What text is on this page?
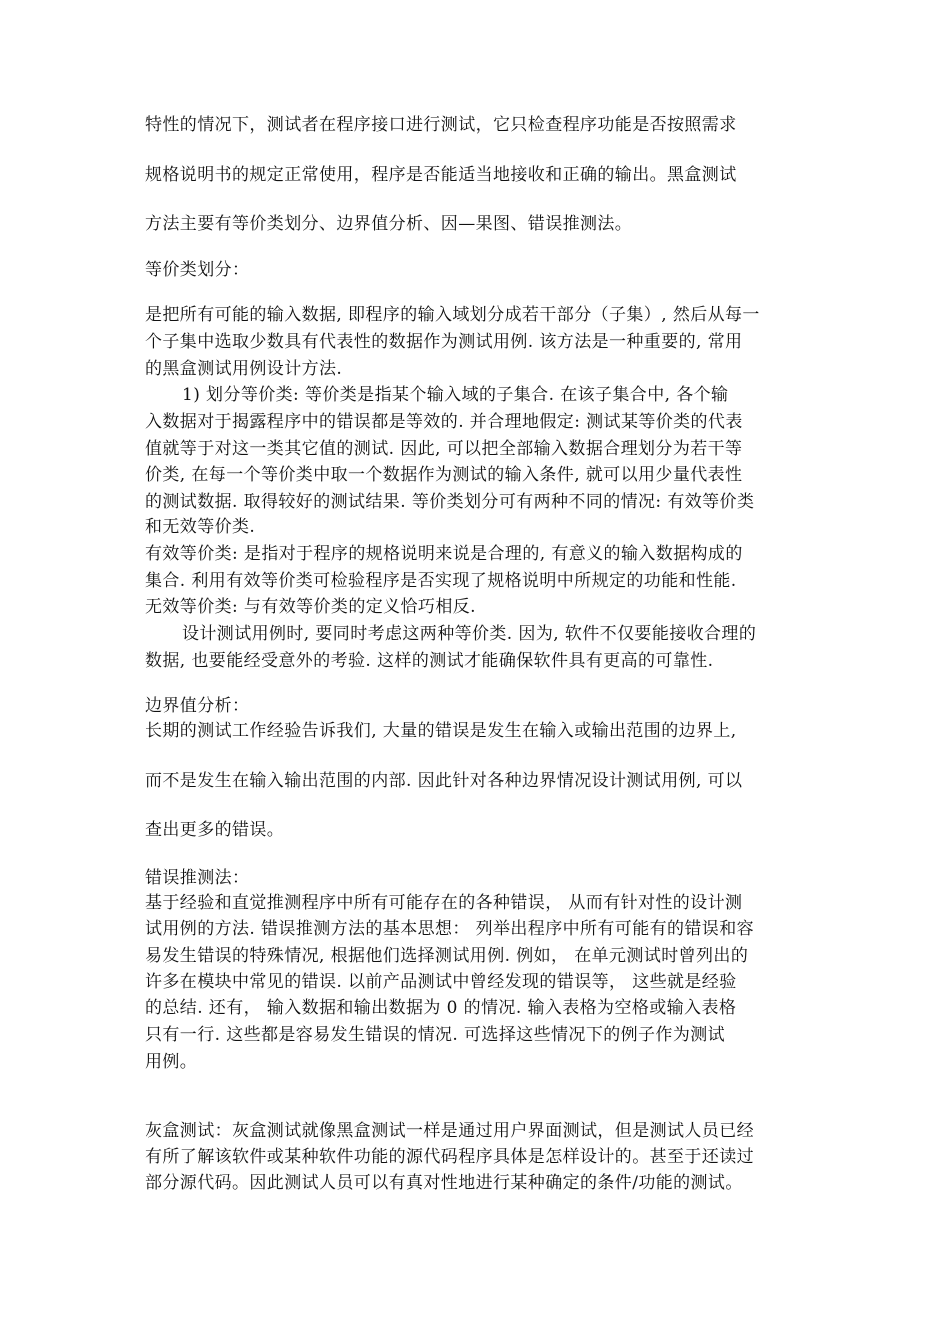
特性的情况下，测试者在程序接口进行测试，它只检查程序功能是否按照需求
规格说明书的规定正常使用，程序是否能适当地接收和正确的输出。黑盒测试
方法主要有等价类划分、边界值分析、因—果图、错误推测法。
等价类划分：
是把所有可能的输入数据, 即程序的输入域划分成若干部分（子集）, 然后从每一
个子集中选取少数具有代表性的数据作为测试用例. 该方法是一种重要的, 常用
的黑盒测试用例设计方法.
1) 划分等价类: 等价类是指某个输入域的子集合. 在该子集合中, 各个输
入数据对于揭露程序中的错误都是等效的. 并合理地假定: 测试某等价类的代表
值就等于对这一类其它值的测试. 因此, 可以把全部输入数据合理划分为若干等
价类, 在每一个等价类中取一个数据作为测试的输入条件, 就可以用少量代表性
的测试数据. 取得较好的测试结果. 等价类划分可有两种不同的情况: 有效等价类
和无效等价类.
有效等价类: 是指对于程序的规格说明来说是合理的, 有意义的输入数据构成的
集合. 利用有效等价类可检验程序是否实现了规格说明中所规定的功能和性能.
无效等价类: 与有效等价类的定义恰巧相反.
设计测试用例时, 要同时考虑这两种等价类. 因为, 软件不仅要能接收合理的
数据, 也要能经受意外的考验. 这样的测试才能确保软件具有更高的可靠性.
边界值分析：
长期的测试工作经验告诉我们, 大量的错误是发生在输入或输出范围的边界上,
而不是发生在输入输出范围的内部. 因此针对各种边界情况设计测试用例, 可以
查出更多的错误。
错误推测法：
基于经验和直觉推测程序中所有可能存在的各种错误， 从而有针对性的设计测
试用例的方法. 错误推测方法的基本思想： 列举出程序中所有可能有的错误和容
易发生错误的特殊情况, 根据他们选择测试用例. 例如， 在单元测试时曾列出的
许多在模块中常见的错误. 以前产品测试中曾经发现的错误等， 这些就是经验
的总结. 还有， 输入数据和输出数据为 0 的情况. 输入表格为空格或输入表格
只有一行. 这些都是容易发生错误的情况. 可选择这些情况下的例子作为测试
用例。
灰盒测试：灰盒测试就像黑盒测试一样是通过用户界面测试，但是测试人员已经
有所了解该软件或某种软件功能的源代码程序具体是怎样设计的。甚至于还读过
部分源代码。因此测试人员可以有真对性地进行某种确定的条件/功能的测试。
